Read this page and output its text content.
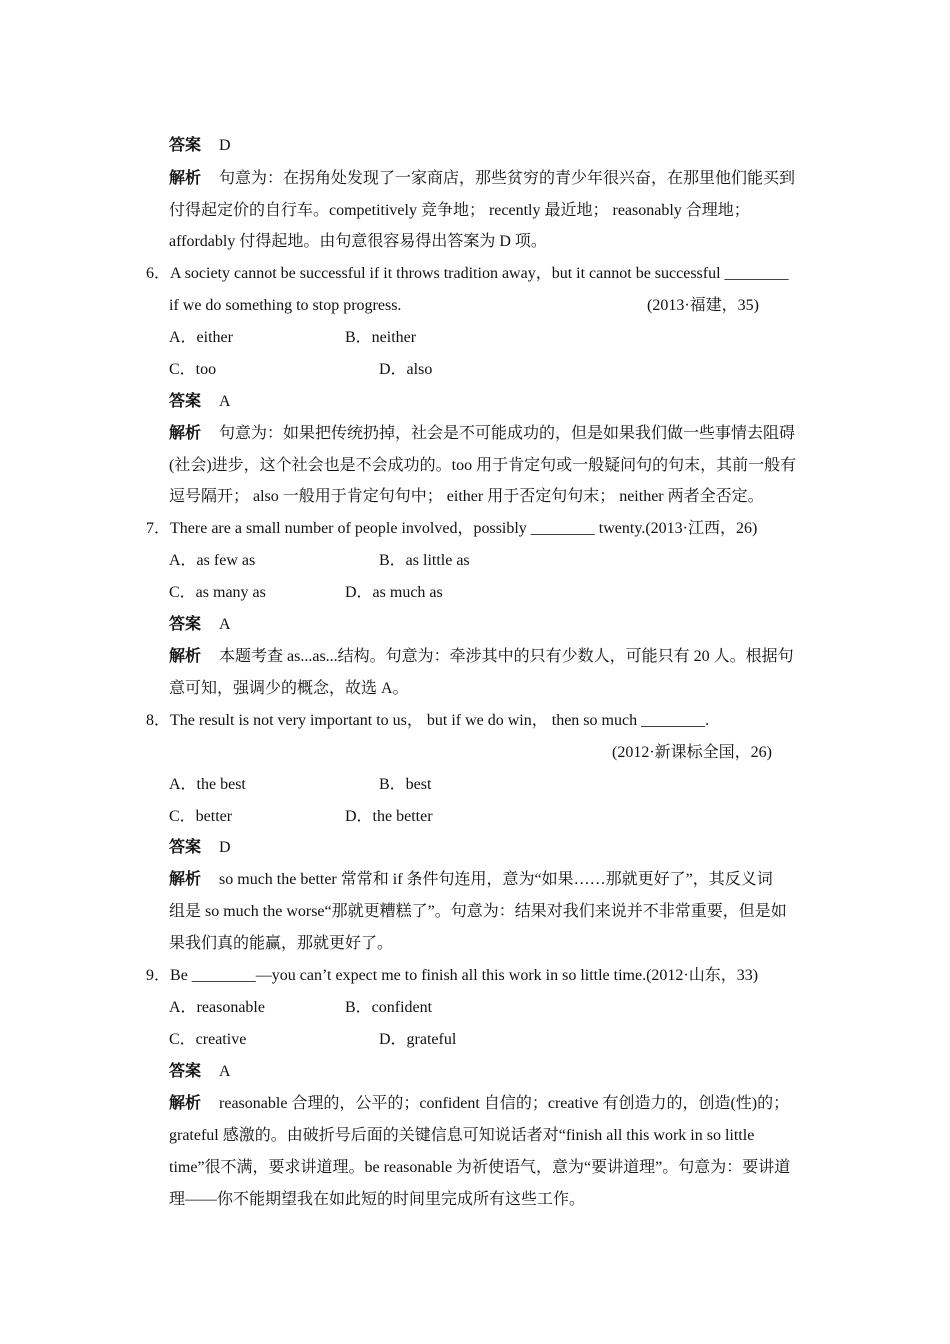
答案 D
解析 句意为：在拐角处发现了一家商店，那些贫穷的青少年很兴奋，在那里他们能买到
付得起定价的自行车。competitively 竞争地； recently 最近地； reasonably 合理地；
affordably 付得起地。由句意很容易得出答案为 D 项。
6．A society cannot be successful if it throws tradition away，but it cannot be successful ________
if we do something to stop progress.	(2013·福建，35)
A．either	B．neither
C．too	D．also
答案 A
解析 句意为：如果把传统扔掉，社会是不可能成功的，但是如果我们做一些事情去阻碍
(社会)进步，这个社会也是不会成功的。too 用于肯定句或一般疑问句的句末，其前一般有
逗号隔开； also 一般用于肯定句句中； either 用于否定句句末； neither 两者全否定。
7．There are a small number of people involved，possibly ________ twenty.(2013·江西，26)
A．as few as	B．as little as
C．as many as	D．as much as
答案 A
解析 本题考查 as...as...结构。句意为：牵涉其中的只有少数人，可能只有 20 人。根据句
意可知，强调少的概念，故选 A。
8．The result is not very important to us， but if we do win， then so much ________.
(2012·新课标全国，26)
A．the best	B．best
C．better	D．the better
答案 D
解析 so much the better 常常和 if 条件句连用，意为“如果……那就更好了”，其反义词
组是 so much the worse“那就更糟糕了”。句意为：结果对我们来说并不非常重要，但是如
果我们真的能赢，那就更好了。
9．Be ________—you can’t expect me to finish all this work in so little time.(2012·山东，33)
A．reasonable	B．confident
C．creative	D．grateful
答案 A
解析 reasonable 合理的，公平的；confident 自信的；creative 有创造力的，创造(性)的；
grateful 感激的。由破折号后面的关键信息可知说话者对“finish all this work in so little
time”很不满，要求讲道理。be reasonable 为祈使语气，意为“要讲道理”。句意为：要讲道
理——你不能期望我在如此短的时间里完成所有这些工作。
